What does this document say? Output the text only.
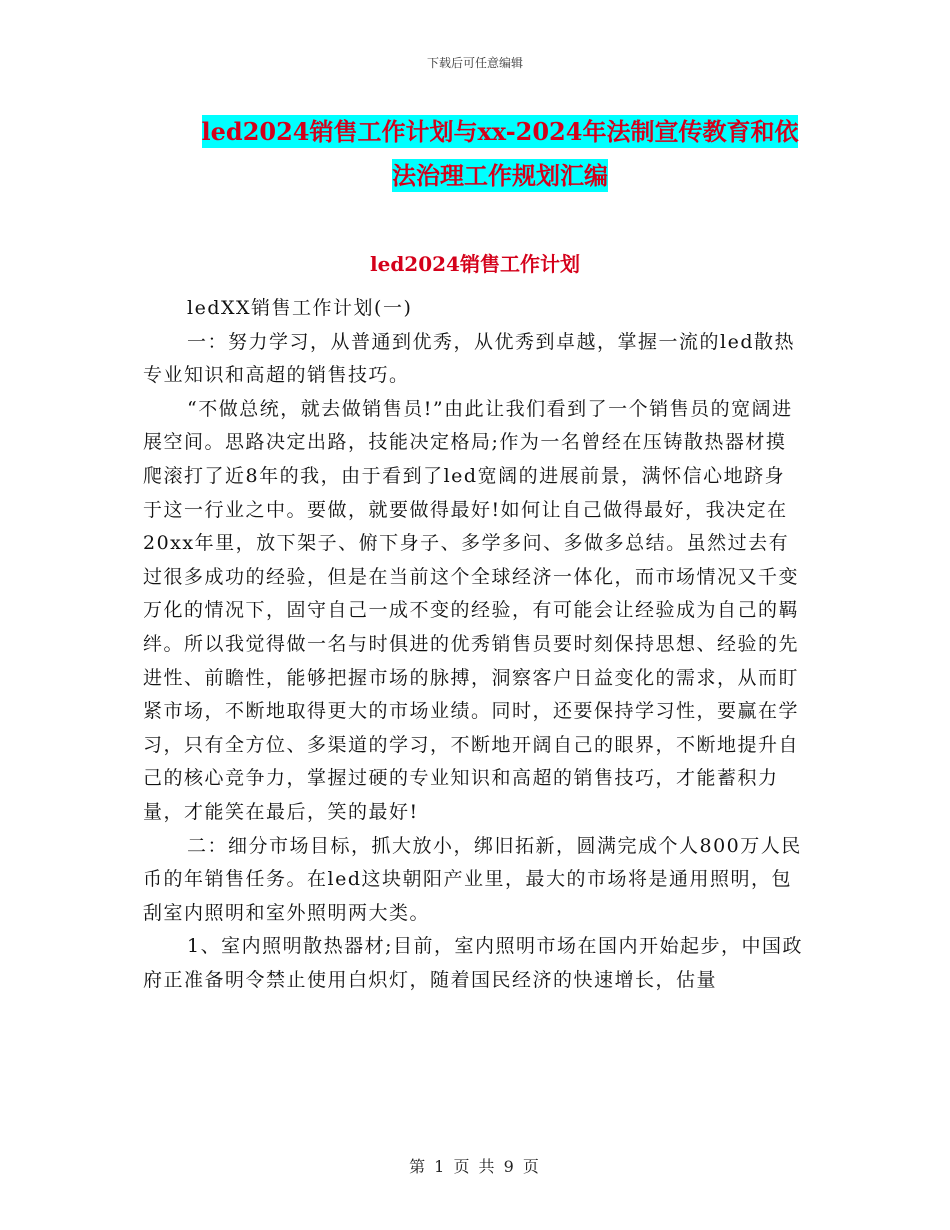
下载后可任意编辑
led2024销售工作计划与xx-2024年法制宣传教育和依
法治理工作规划汇编
led2024销售工作计划

ledXX销售工作计划(一)

一：努力学习，从普通到优秀，从优秀到卓越，掌握一流的led散热专业知识和高超的销售技巧。

“不做总统，就去做销售员!”由此让我们看到了一个销售员的宽阔进展空间。思路决定出路，技能决定格局;作为一名曾经在压铸散热器材摸爬滚打了近8年的我，由于看到了led宽阔的进展前景，满怀信心地跻身于这一行业之中。要做，就要做得最好!如何让自己做得最好，我决定在20xx年里，放下架子、俯下身子、多学多问、多做多总结。虽然过去有过很多成功的经验，但是在当前这个全球经济一体化，而市场情况又千变万化的情况下，固守自己一成不变的经验，有可能会让经验成为自己的羁绊。所以我觉得做一名与时俱进的优秀销售员要时刻保持思想、经验的先进性、前瞻性，能够把握市场的脉搏，洞察客户日益变化的需求，从而盯紧市场，不断地取得更大的市场业绩。同时，还要保持学习性，要赢在学习，只有全方位、多渠道的学习，不断地开阔自己的眼界，不断地提升自己的核心竞争力，掌握过硬的专业知识和高超的销售技巧，才能蓄积力量，才能笑在最后，笑的最好!

二：细分市场目标，抓大放小，绑旧拓新，圆满完成个人800万人民币的年销售任务。在led这块朝阳产业里，最大的市场将是通用照明，包刮室内照明和室外照明两大类。

1、室内照明散热器材;目前，室内照明市场在国内开始起步，中国政府正准备明令禁止使用白炽灯，随着国民经济的快速增长，估量

第 1 页 共 9 页
